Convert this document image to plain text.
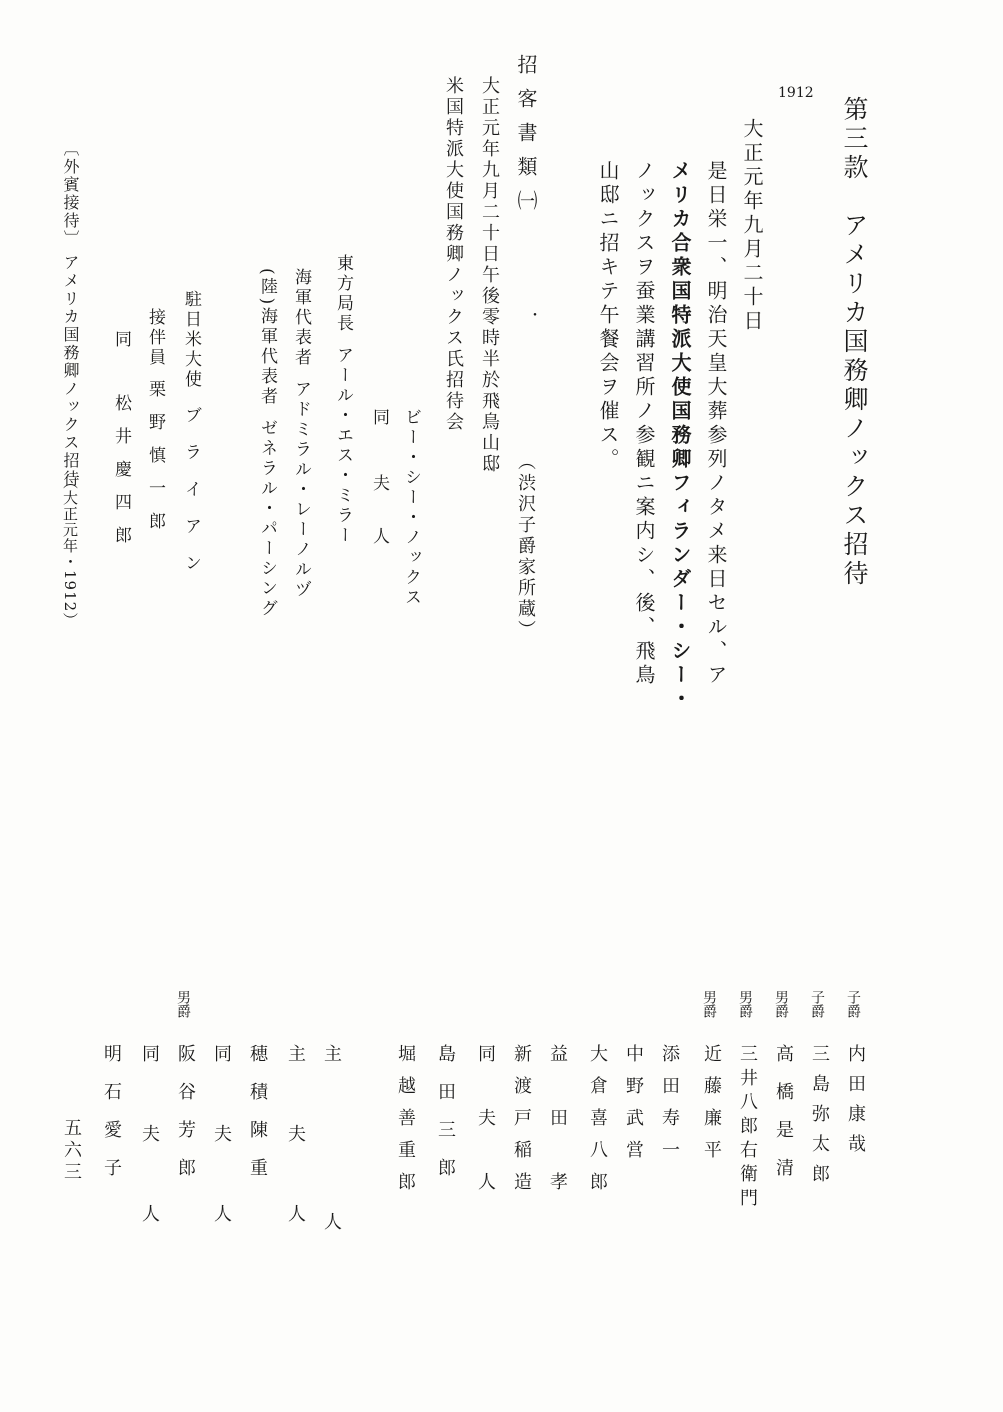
第三款　アメリカ国務卿ノックス招待
1912
大正元年九月二十日
是日栄一、明治天皇大葬参列ノタメ来日セル、ア
メリカ合衆国特派大使国務卿フィランダー・シー・
ノックスヲ蚕業講習所ノ参観ニ案内シ、後、飛鳥
山邸ニ招キテ午餐会ヲ催ス。
招客書類㈠
（渋沢子爵家所蔵）
・
大正元年九月二十日午後零時半於飛鳥山邸
米国特派大使国務卿ノックス氏招待会
ビー・シー・ノックス
同夫人
東方局長アール・エス・ミラー
海軍代表者アドミラル・レーノルヅ
(陸)海軍代表者ゼネラル・パーシング
駐日米大使ブライアン
接伴員栗野慎一郎
同松井慶四郎
〔外賓接待〕
アメリカ国務卿ノックス招待
（大正元年・1912）
内田康哉
子爵
三島弥太郎
子爵
高橋是清
男爵
三井八郎右衛門
男爵
近藤廉平
男爵
添田寿一
中野武営
大倉喜八郎
益田孝
新渡戸稲造
同夫人
島田三郎
堀越善重郎
主人
主夫人
穂積陳重
同夫人
阪谷芳郎
男爵
同夫人
明石愛子
五六三
